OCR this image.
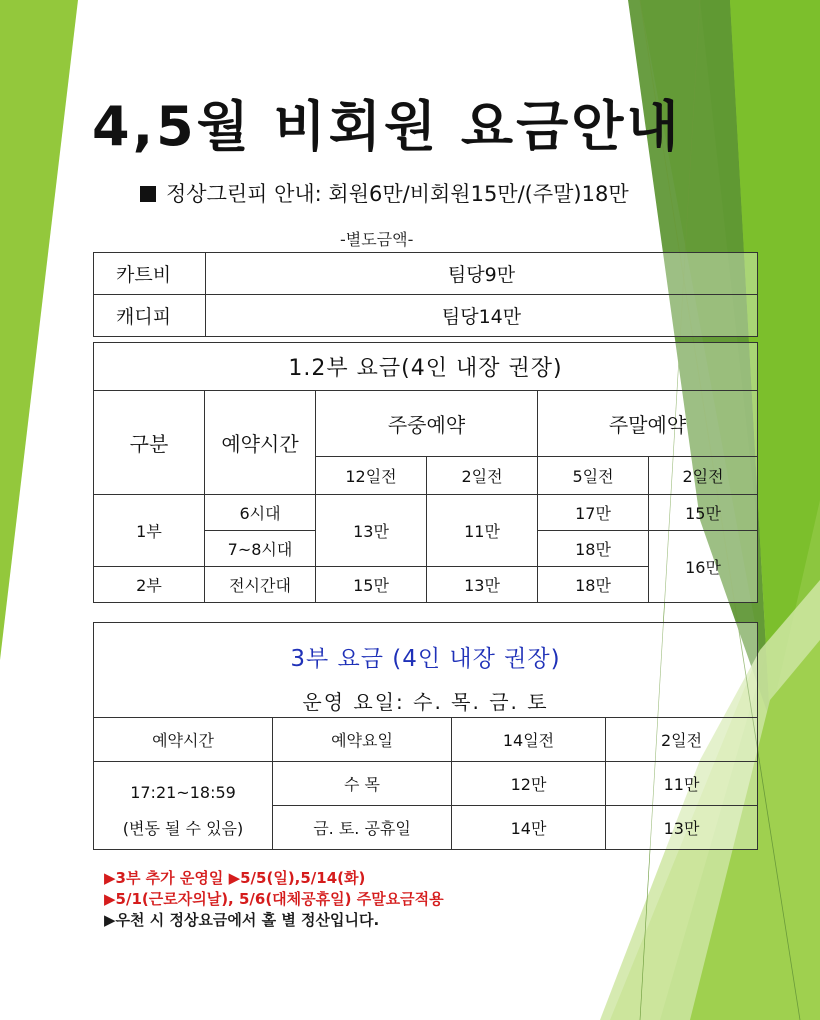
4,5월 비회원 요금안내
정상그린피 안내: 회원6만/비회원15만/(주말)18만
-별도금액-
카트비	팀당9만
캐디피	팀당14만
1.2부 요금(4인 내장 권장)					
구분	예약시간	주중예약		주말예약	
		12일전	2일전	5일전	2일전
1부	6시대	13만	11만	17만	15만
	7~8시대			18만	16만
2부	전시간대	15만	13만	18만	
3부 요금 (4인 내장 권장)			
운영 요일: 수. 목. 금. 토			
예약시간	예약요일	14일전	2일전
17:21~18:59	수 목	12만	11만
(변동 될 수 있음)	금. 토. 공휴일	14만	13만
▶3부 추가 운영일 ▶5/5(일),5/14(화)
▶5/1(근로자의날), 5/6(대체공휴일) 주말요금적용
▶우천 시 정상요금에서 홀 별 정산입니다.
